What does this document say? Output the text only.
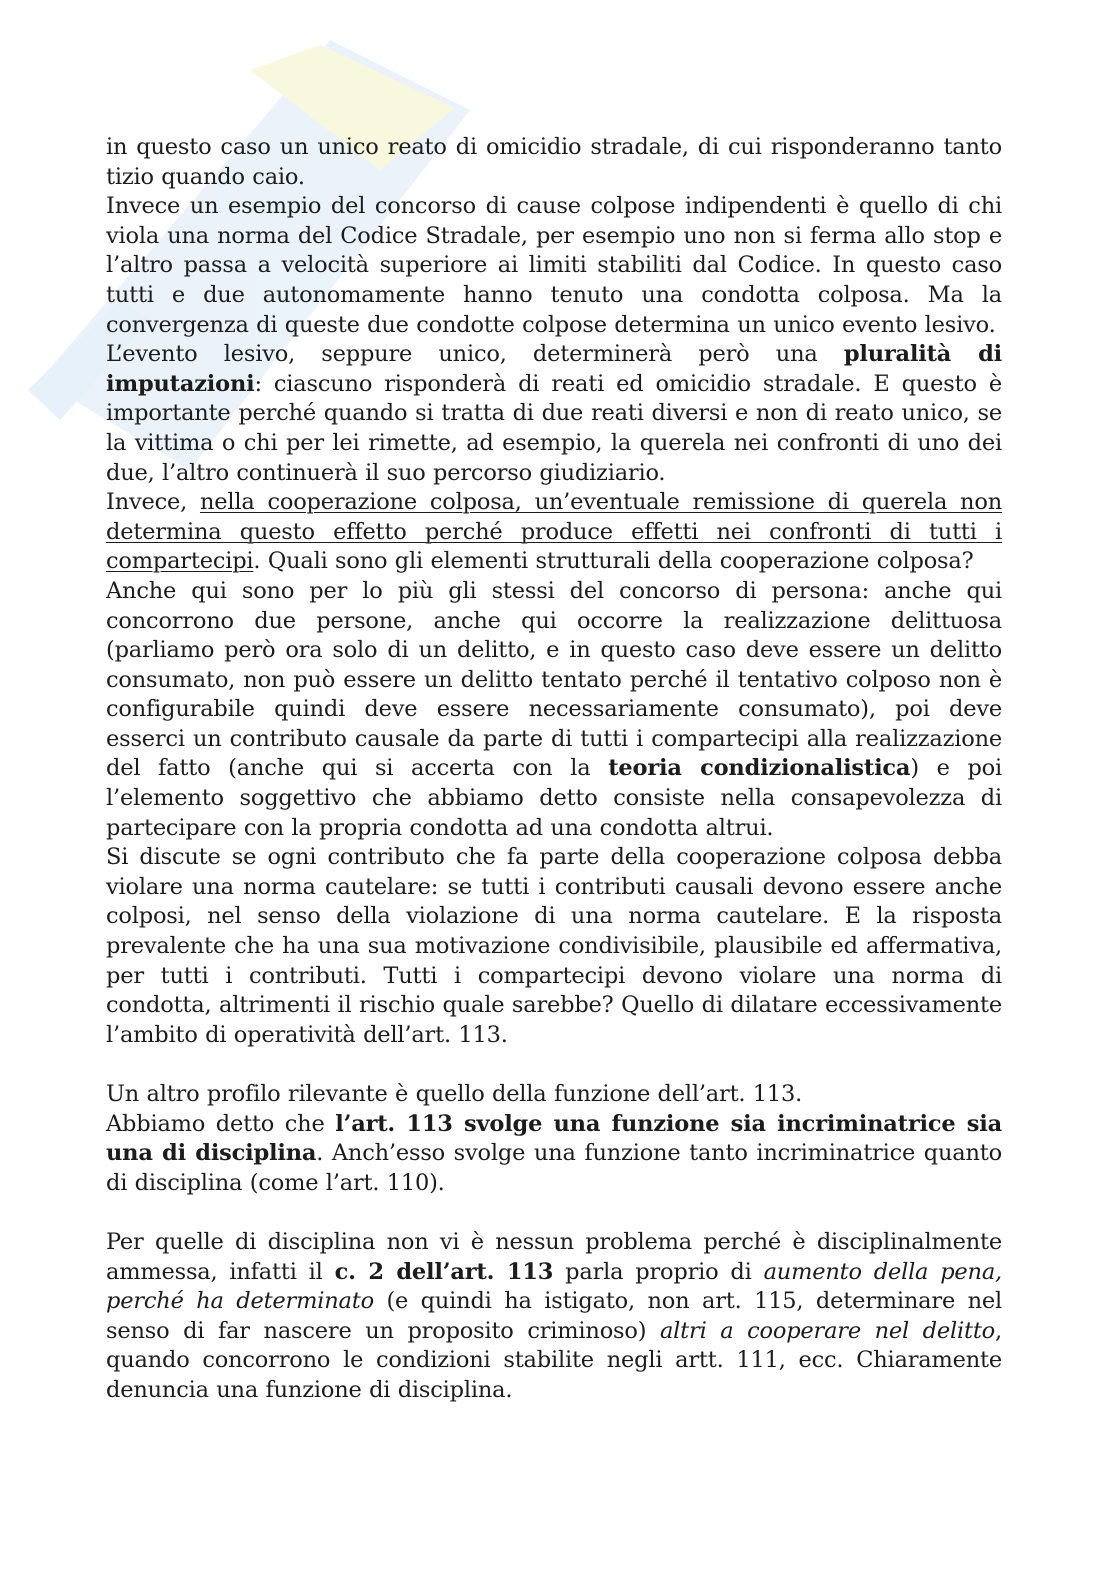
in questo caso un unico reato di omicidio stradale, di cui risponderanno tanto tizio quando caio.

Invece un esempio del concorso di cause colpose indipendenti è quello di chi viola una norma del Codice Stradale, per esempio uno non si ferma allo stop e l’altro passa a velocità superiore ai limiti stabiliti dal Codice. In questo caso tutti e due autonomamente hanno tenuto una condotta colposa. Ma la convergenza di queste due condotte colpose determina un unico evento lesivo.

L’evento lesivo, seppure unico, determinerà però una pluralità di imputazioni: ciascuno risponderà di reati ed omicidio stradale. E questo è importante perché quando si tratta di due reati diversi e non di reato unico, se la vittima o chi per lei rimette, ad esempio, la querela nei confronti di uno dei due, l’altro continuerà il suo percorso giudiziario.

Invece, nella cooperazione colposa, un’eventuale remissione di querela non determina questo effetto perché produce effetti nei confronti di tutti i compartecipi. Quali sono gli elementi strutturali della cooperazione colposa?

Anche qui sono per lo più gli stessi del concorso di persona: anche qui concorrono due persone, anche qui occorre la realizzazione delittuosa (parliamo però ora solo di un delitto, e in questo caso deve essere un delitto consumato, non può essere un delitto tentato perché il tentativo colposo non è configurabile quindi deve essere necessariamente consumato), poi deve esserci un contributo causale da parte di tutti i compartecipi alla realizzazione del fatto (anche qui si accerta con la teoria condizionalistica) e poi l’elemento soggettivo che abbiamo detto consiste nella consapevolezza di partecipare con la propria condotta ad una condotta altrui.

Si discute se ogni contributo che fa parte della cooperazione colposa debba violare una norma cautelare: se tutti i contributi causali devono essere anche colposi, nel senso della violazione di una norma cautelare. E la risposta prevalente che ha una sua motivazione condivisibile, plausibile ed affermativa, per tutti i contributi. Tutti i compartecipi devono violare una norma di condotta, altrimenti il rischio quale sarebbe? Quello di dilatare eccessivamente l’ambito di operatività dell’art. 113.

Un altro profilo rilevante è quello della funzione dell’art. 113.

Abbiamo detto che l’art. 113 svolge una funzione sia incriminatrice sia una di disciplina. Anch’esso svolge una funzione tanto incriminatrice quanto di disciplina (come l’art. 110).

Per quelle di disciplina non vi è nessun problema perché è disciplinalmente ammessa, infatti il c. 2 dell’art. 113 parla proprio di aumento della pena, perché ha determinato (e quindi ha istigato, non art. 115, determinare nel senso di far nascere un proposito criminoso) altri a cooperare nel delitto, quando concorrono le condizioni stabilite negli artt. 111, ecc. Chiaramente denuncia una funzione di disciplina.
